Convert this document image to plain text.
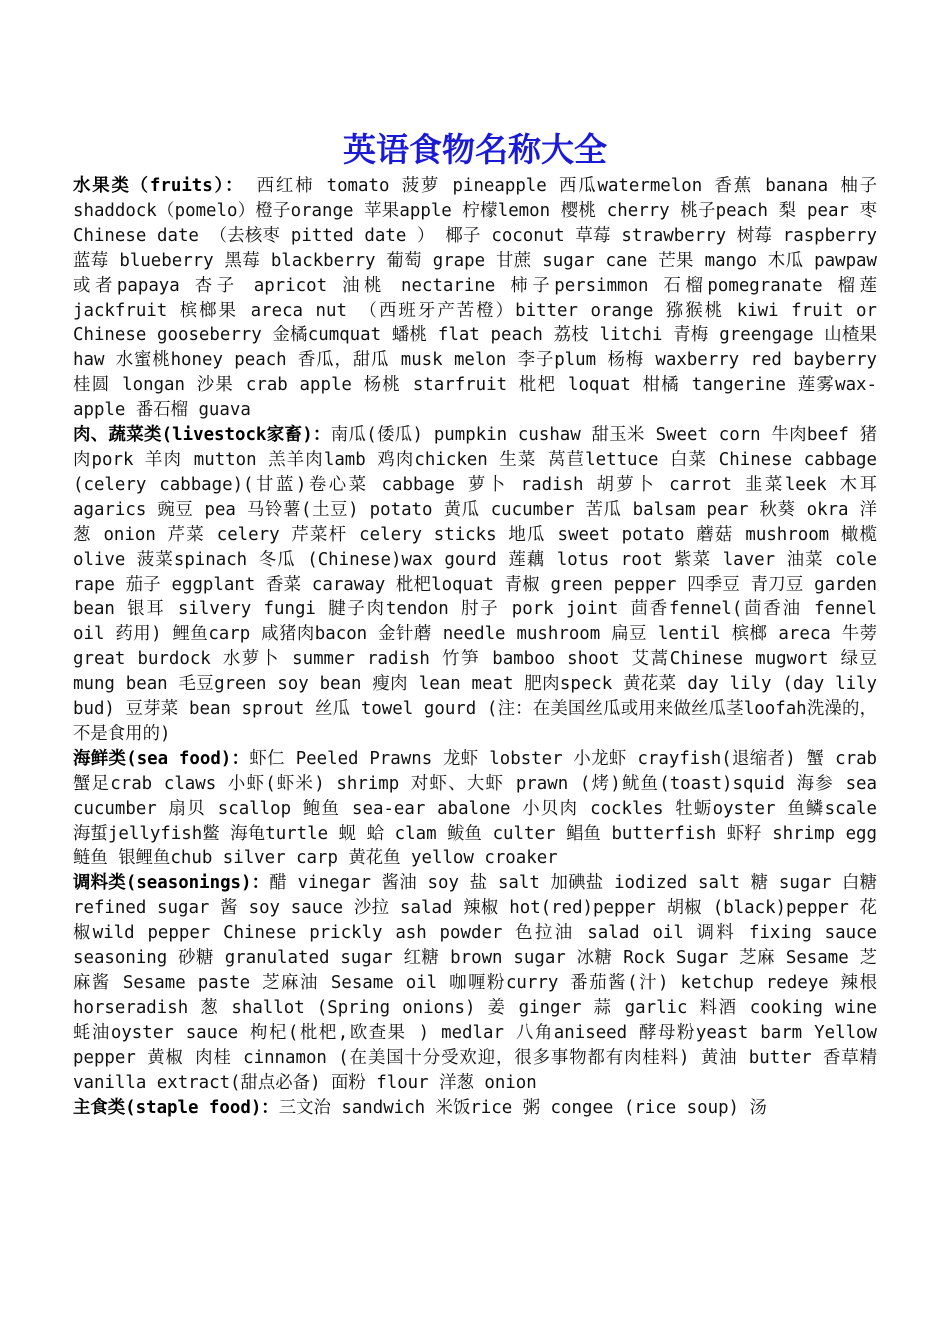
英语食物名称大全

水果类（fruits）： 西红柿 tomato 菠萝 pineapple 西瓜watermelon 香蕉 banana 柚子 shaddock（pomelo）橙子orange 苹果apple 柠檬lemon 樱桃 cherry 桃子peach 梨 pear 枣Chinese date （去核枣 pitted date ） 椰子 coconut 草莓 strawberry 树莓 raspberry 蓝莓 blueberry 黑莓 blackberry 葡萄 grape 甘蔗 sugar cane 芒果 mango 木瓜 pawpaw或者papaya 杏子 apricot 油桃 nectarine 柿子persimmon 石榴pomegranate 榴莲 jackfruit 槟榔果 areca nut （西班牙产苦橙）bitter orange 猕猴桃 kiwi fruit or Chinese gooseberry 金橘cumquat 蟠桃 flat peach 荔枝 litchi 青梅 greengage 山楂果 haw 水蜜桃honey peach 香瓜，甜瓜 musk melon 李子plum 杨梅 waxberry red bayberry 桂圆 longan 沙果 crab apple 杨桃 starfruit 枇杷 loquat 柑橘 tangerine 莲雾wax-apple 番石榴 guava

肉、蔬菜类(livestock家畜)：南瓜(倭瓜) pumpkin cushaw 甜玉米 Sweet corn 牛肉beef 猪肉pork 羊肉 mutton 羔羊肉lamb 鸡肉chicken 生菜 莴苣lettuce 白菜 Chinese cabbage (celery cabbage)(甘蓝)卷心菜 cabbage 萝卜 radish 胡萝卜 carrot 韭菜leek 木耳 agarics 豌豆 pea 马铃薯(土豆) potato 黄瓜 cucumber 苦瓜 balsam pear 秋葵 okra 洋葱 onion 芹菜 celery 芹菜杆 celery sticks 地瓜 sweet potato 蘑菇 mushroom 橄榄 olive 菠菜spinach 冬瓜 (Chinese)wax gourd 莲藕 lotus root 紫菜 laver 油菜 cole rape 茄子 eggplant 香菜 caraway 枇杷loquat 青椒 green pepper 四季豆 青刀豆 garden bean 银耳 silvery fungi 腱子肉tendon 肘子 pork joint 茴香fennel(茴香油 fennel oil 药用) 鲤鱼carp 咸猪肉bacon 金针蘑 needle mushroom 扁豆 lentil 槟榔 areca 牛蒡great burdock 水萝卜 summer radish 竹笋 bamboo shoot 艾蒿Chinese mugwort 绿豆mung bean 毛豆green soy bean 瘦肉 lean meat 肥肉speck 黄花菜 day lily (day lily bud) 豆芽菜 bean sprout 丝瓜 towel gourd (注：在美国丝瓜或用来做丝瓜茎loofah洗澡的，不是食用的)

海鲜类(sea food)：虾仁 Peeled Prawns 龙虾 lobster 小龙虾 crayfish(退缩者) 蟹 crab 蟹足crab claws 小虾(虾米) shrimp 对虾、大虾 prawn (烤)鱿鱼(toast)squid 海参 sea cucumber 扇贝 scallop 鲍鱼 sea-ear abalone 小贝肉 cockles 牡蛎oyster 鱼鳞scale 海蜇jellyfish鳖 海龟turtle 蚬 蛤 clam 鲅鱼 culter 鲳鱼 butterfish 虾籽 shrimp egg 鲢鱼 银鲤鱼chub silver carp 黄花鱼 yellow croaker

调料类(seasonings)：醋 vinegar 酱油 soy 盐 salt 加碘盐 iodized salt 糖 sugar 白糖 refined sugar 酱 soy sauce 沙拉 salad 辣椒 hot(red)pepper 胡椒 (black)pepper 花椒wild pepper Chinese prickly ash powder 色拉油 salad oil 调料 fixing sauce seasoning 砂糖 granulated sugar 红糖 brown sugar 冰糖 Rock Sugar 芝麻 Sesame 芝麻酱 Sesame paste 芝麻油 Sesame oil 咖喱粉curry 番茄酱(汁) ketchup redeye 辣根horseradish 葱 shallot (Spring onions) 姜 ginger 蒜 garlic 料酒 cooking wine 蚝油oyster sauce 枸杞(枇杷,欧查果 ) medlar 八角aniseed 酵母粉yeast barm Yellow pepper 黄椒 肉桂 cinnamon (在美国十分受欢迎，很多事物都有肉桂料) 黄油 butter 香草精 vanilla extract(甜点必备) 面粉 flour 洋葱 onion

主食类(staple food)：三文治 sandwich 米饭rice 粥 congee (rice soup) 汤
